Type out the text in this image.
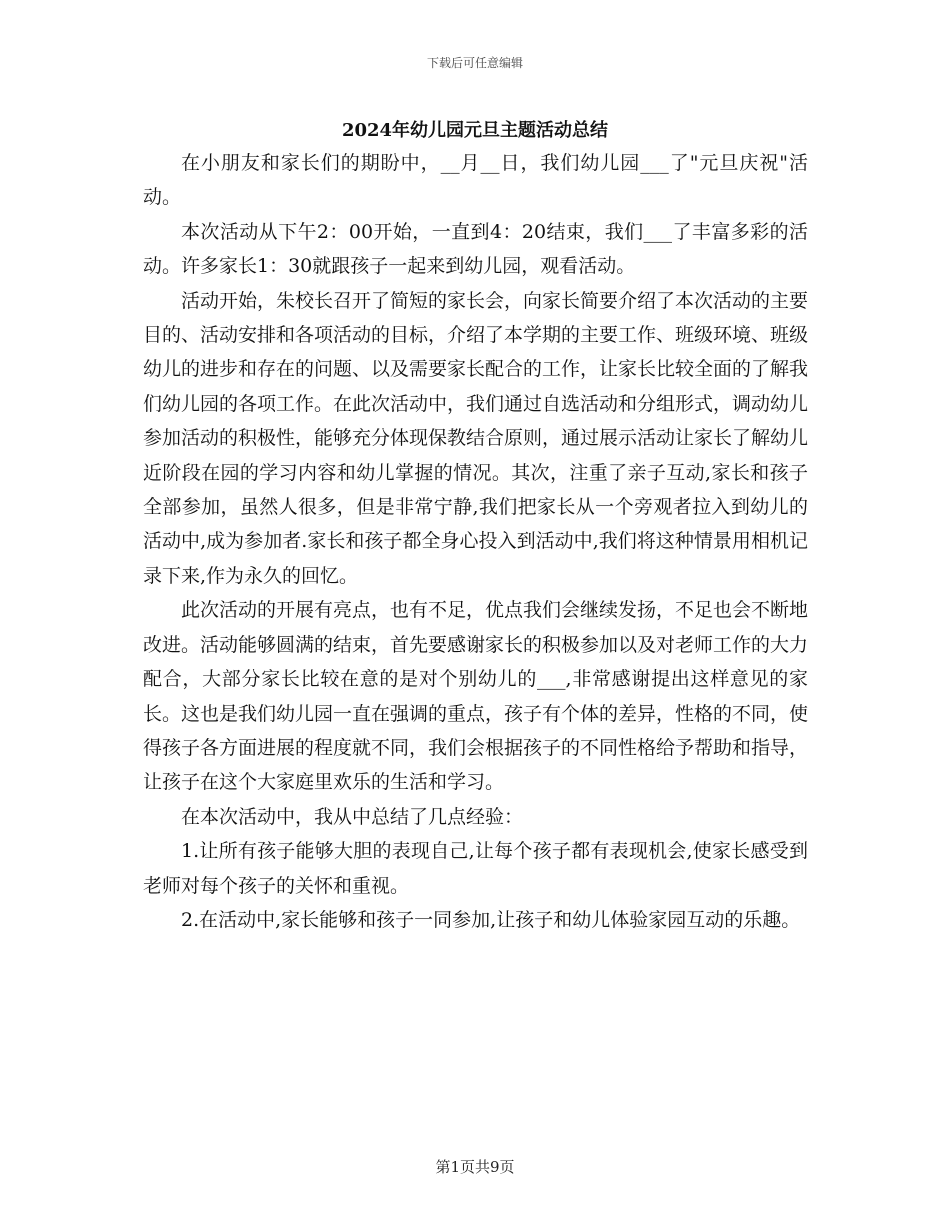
下载后可任意编辑
2024年幼儿园元旦主题活动总结

在小朋友和家长们的期盼中，__月__日，我们幼儿园___了"元旦庆祝"活动。

本次活动从下午2：00开始，一直到4：20结束，我们___了丰富多彩的活动。许多家长1：30就跟孩子一起来到幼儿园，观看活动。

活动开始，朱校长召开了简短的家长会，向家长简要介绍了本次活动的主要目的、活动安排和各项活动的目标，介绍了本学期的主要工作、班级环境、班级幼儿的进步和存在的问题、以及需要家长配合的工作，让家长比较全面的了解我们幼儿园的各项工作。在此次活动中，我们通过自选活动和分组形式，调动幼儿参加活动的积极性，能够充分体现保教结合原则，通过展示活动让家长了解幼儿近阶段在园的学习内容和幼儿掌握的情况。其次，注重了亲子互动,家长和孩子全部参加，虽然人很多，但是非常宁静,我们把家长从一个旁观者拉入到幼儿的活动中,成为参加者.家长和孩子都全身心投入到活动中,我们将这种情景用相机记录下来,作为永久的回忆。

此次活动的开展有亮点，也有不足，优点我们会继续发扬，不足也会不断地改进。活动能够圆满的结束，首先要感谢家长的积极参加以及对老师工作的大力配合，大部分家长比较在意的是对个别幼儿的___,非常感谢提出这样意见的家长。这也是我们幼儿园一直在强调的重点，孩子有个体的差异，性格的不同，使得孩子各方面进展的程度就不同，我们会根据孩子的不同性格给予帮助和指导，让孩子在这个大家庭里欢乐的生活和学习。

在本次活动中，我从中总结了几点经验：

1.让所有孩子能够大胆的表现自己,让每个孩子都有表现机会,使家长感受到老师对每个孩子的关怀和重视。

2.在活动中,家长能够和孩子一同参加,让孩子和幼儿体验家园互动的乐趣。

第1页共9页
